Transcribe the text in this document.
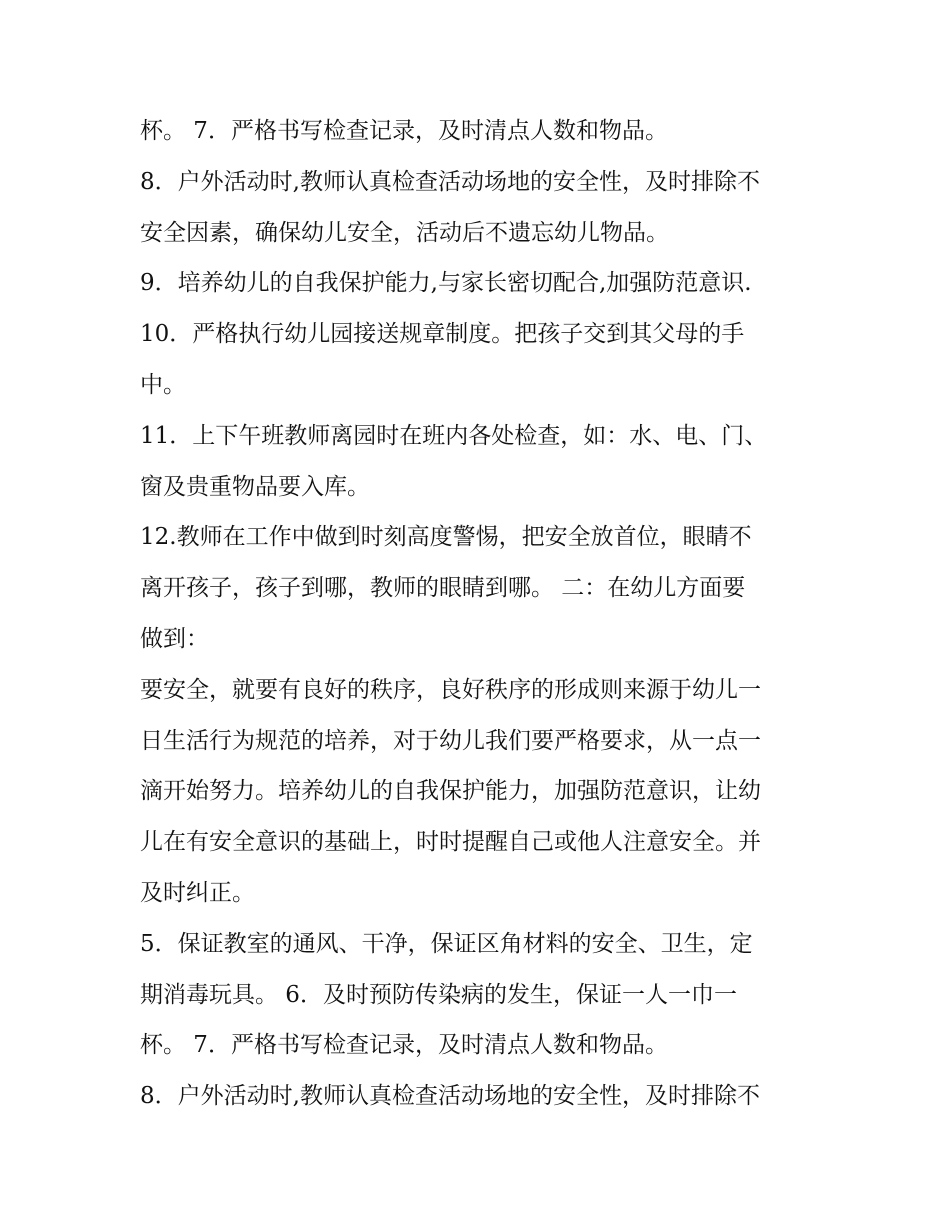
杯。 7．严格书写检查记录，及时清点人数和物品。
8．户外活动时,教师认真检查活动场地的安全性，及时排除不
安全因素，确保幼儿安全，活动后不遗忘幼儿物品。
9．培养幼儿的自我保护能力,与家长密切配合,加强防范意识.
10．严格执行幼儿园接送规章制度。把孩子交到其父母的手
中。
11．上下午班教师离园时在班内各处检查，如：水、电、门、
窗及贵重物品要入库。
12.教师在工作中做到时刻高度警惕，把安全放首位，眼睛不
离开孩子，孩子到哪，教师的眼睛到哪。 二：在幼儿方面要
做到：
要安全，就要有良好的秩序，良好秩序的形成则来源于幼儿一
日生活行为规范的培养，对于幼儿我们要严格要求，从一点一
滴开始努力。培养幼儿的自我保护能力，加强防范意识，让幼
儿在有安全意识的基础上，时时提醒自己或他人注意安全。并
及时纠正。
5．保证教室的通风、干净，保证区角材料的安全、卫生，定
期消毒玩具。 6．及时预防传染病的发生，保证一人一巾一
杯。 7．严格书写检查记录，及时清点人数和物品。
8．户外活动时,教师认真检查活动场地的安全性，及时排除不
